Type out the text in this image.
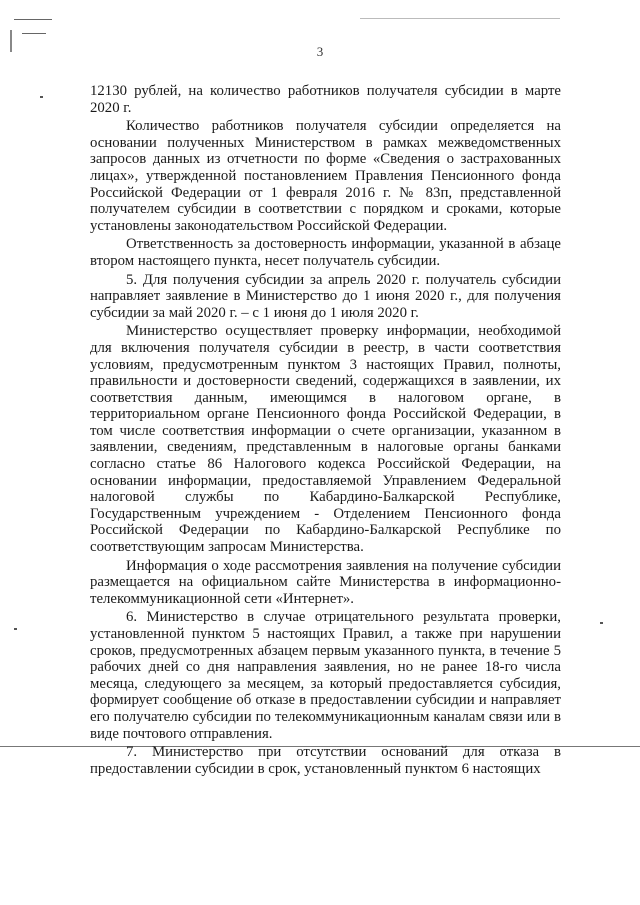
3

12130 рублей, на количество работников получателя субсидии в марте 2020 г.

Количество работников получателя субсидии определяется на основании полученных Министерством в рамках межведомственных запросов данных из отчетности по форме «Сведения о застрахованных лицах», утвержденной постановлением Правления Пенсионного фонда Российской Федерации от 1 февраля 2016 г. № 83п, представленной получателем субсидии в соответствии с порядком и сроками, которые установлены законодательством Российской Федерации.

Ответственность за достоверность информации, указанной в абзаце втором настоящего пункта, несет получатель субсидии.

5. Для получения субсидии за апрель 2020 г. получатель субсидии направляет заявление в Министерство до 1 июня 2020 г., для получения субсидии за май 2020 г. – с 1 июня до 1 июля 2020 г.

Министерство осуществляет проверку информации, необходимой для включения получателя субсидии в реестр, в части соответствия условиям, предусмотренным пунктом 3 настоящих Правил, полноты, правильности и достоверности сведений, содержащихся в заявлении, их соответствия данным, имеющимся в налоговом органе, в территориальном органе Пенсионного фонда Российской Федерации, в том числе соответствия информации о счете организации, указанном в заявлении, сведениям, представленным в налоговые органы банками согласно статье 86 Налогового кодекса Российской Федерации, на основании информации, предоставляемой Управлением Федеральной налоговой службы по Кабардино-Балкарской Республике, Государственным учреждением - Отделением Пенсионного фонда Российской Федерации по Кабардино-Балкарской Республике по соответствующим запросам Министерства.

Информация о ходе рассмотрения заявления на получение субсидии размещается на официальном сайте Министерства в информационно-телекоммуникационной сети «Интернет».

6. Министерство в случае отрицательного результата проверки, установленной пунктом 5 настоящих Правил, а также при нарушении сроков, предусмотренных абзацем первым указанного пункта, в течение 5 рабочих дней со дня направления заявления, но не ранее 18-го числа месяца, следующего за месяцем, за который предоставляется субсидия, формирует сообщение об отказе в предоставлении субсидии и направляет его получателю субсидии по телекоммуникационным каналам связи или в виде почтового отправления.

7. Министерство при отсутствии оснований для отказа в предоставлении субсидии в срок, установленный пунктом 6 настоящих
